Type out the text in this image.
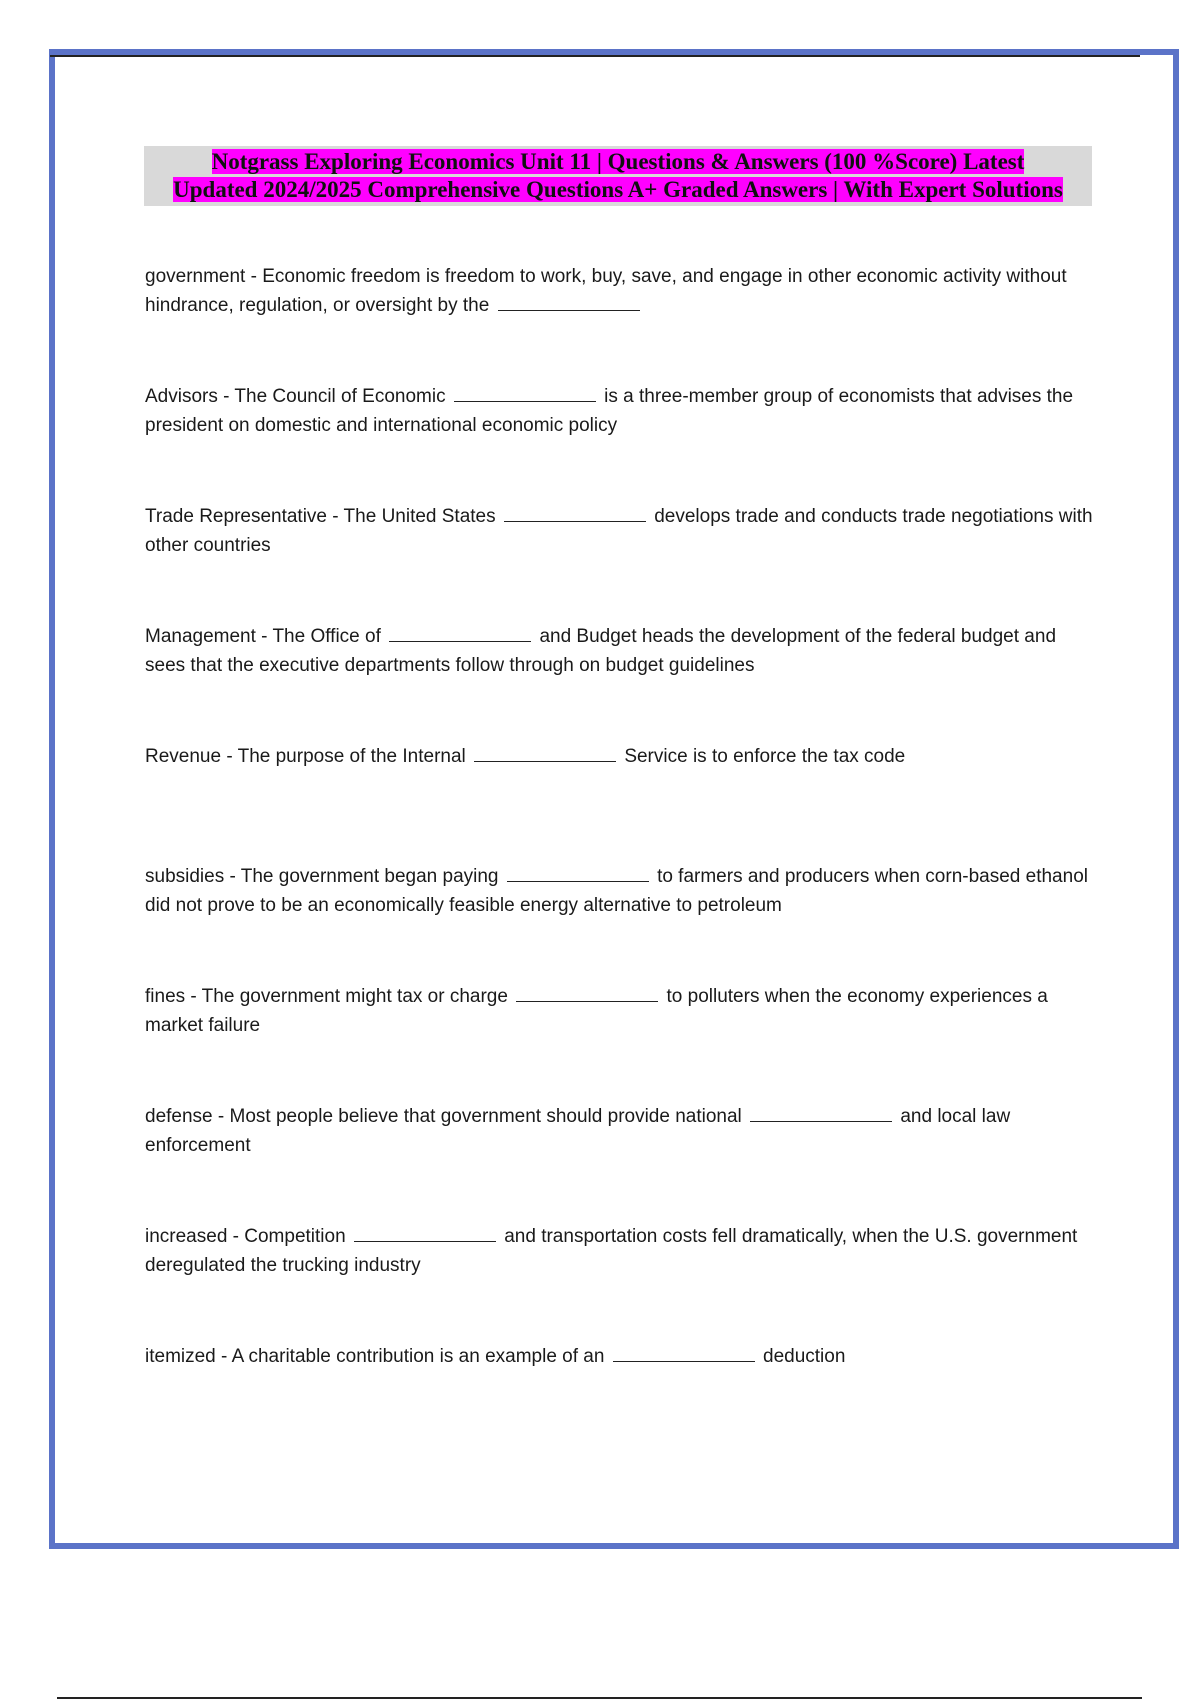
Notgrass Exploring Economics Unit 11 | Questions & Answers (100 %Score) Latest
Updated 2024/2025 Comprehensive Questions A+ Graded Answers | With Expert Solutions

government - Economic freedom is freedom to work, buy, save, and engage in other economic activity without hindrance, regulation, or oversight by the

Advisors - The Council of Economic	is a three-member group of economists that advises the president on domestic and international economic policy

Trade Representative - The United States	develops trade and conducts trade negotiations with other countries

Management - The Office of	and Budget heads the development of the federal budget and sees that the executive departments follow through on budget guidelines

Revenue - The purpose of the Internal	Service is to enforce the tax code

subsidies - The government began paying	to farmers and producers when corn-based ethanol did not prove to be an economically feasible energy alternative to petroleum

fines - The government might tax or charge	to polluters when the economy experiences a market failure

defense - Most people believe that government should provide national	and local law enforcement

increased - Competition	and transportation costs fell dramatically, when the U.S. government deregulated the trucking industry

itemized - A charitable contribution is an example of an	deduction
